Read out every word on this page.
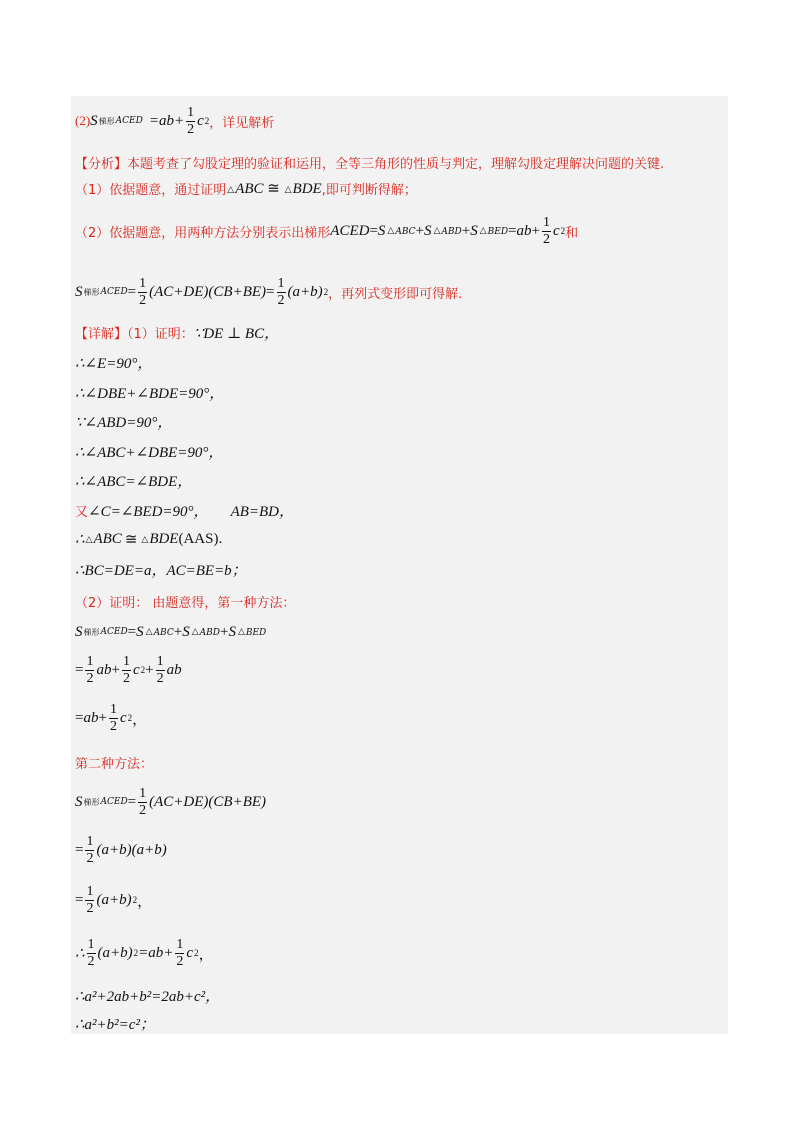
(2) S 梯形 ACED $=ab+ \frac{1}{2}$ c 2 ，详见解析
【分析】本题考查了勾股定理的验证和运用，全等三角形的性质与判定，理解勾股定理解决问题的关键.
（1）依据题意，通过证明 △ABC ≅ △BDE ,即可判断得解；
（2）依据题意，用两种方法分别表示出梯形 ACED = S △ABC + S △ABD + S △BED = ab + $\frac{1}{2}$ c 2 和
S 梯形 ACED = $\frac{1}{2} (AC+DE)(CB+BE) = \frac{1}{2} (a+b)$ 2 ，再列式变形即可得解.
【详解】（1）证明： ∵DE ⊥ BC，
∴∠E=90°，
∴∠DBE+∠BDE=90°，
∵∠ABD=90°，
∴∠ABC+∠DBE=90°，
∴∠ABC=∠BDE，
又 ∠C=∠BED=90°， AB=BD，
∴ △ ABC ≅ △ BDE (AAS).
∴BC=DE=a，AC=BE=b；
（2）证明： 由题意得，第一种方法：
S 梯形 ACED = S △ABC + S △ABD + S △BED
= $\frac{1}{2}$ ab + $\frac{1}{2}$ c $2 + \frac{1}{2}$ ab
= ab + $\frac{1}{2}$ c 2 ，
第二种方法：
S 梯形 ACED = $\frac{1}{2} (AC+DE)(CB+BE)$
= $\frac{1}{2} (a+b)(a+b)$
= $\frac{1}{2} (a+b)$ 2 ，
∴ $\frac{1}{2} (a+b)$ $2 =ab+ \frac{1}{2}$ c 2 ，
∴a²+2ab+b²=2ab+c²，
∴a²+b²=c²；
